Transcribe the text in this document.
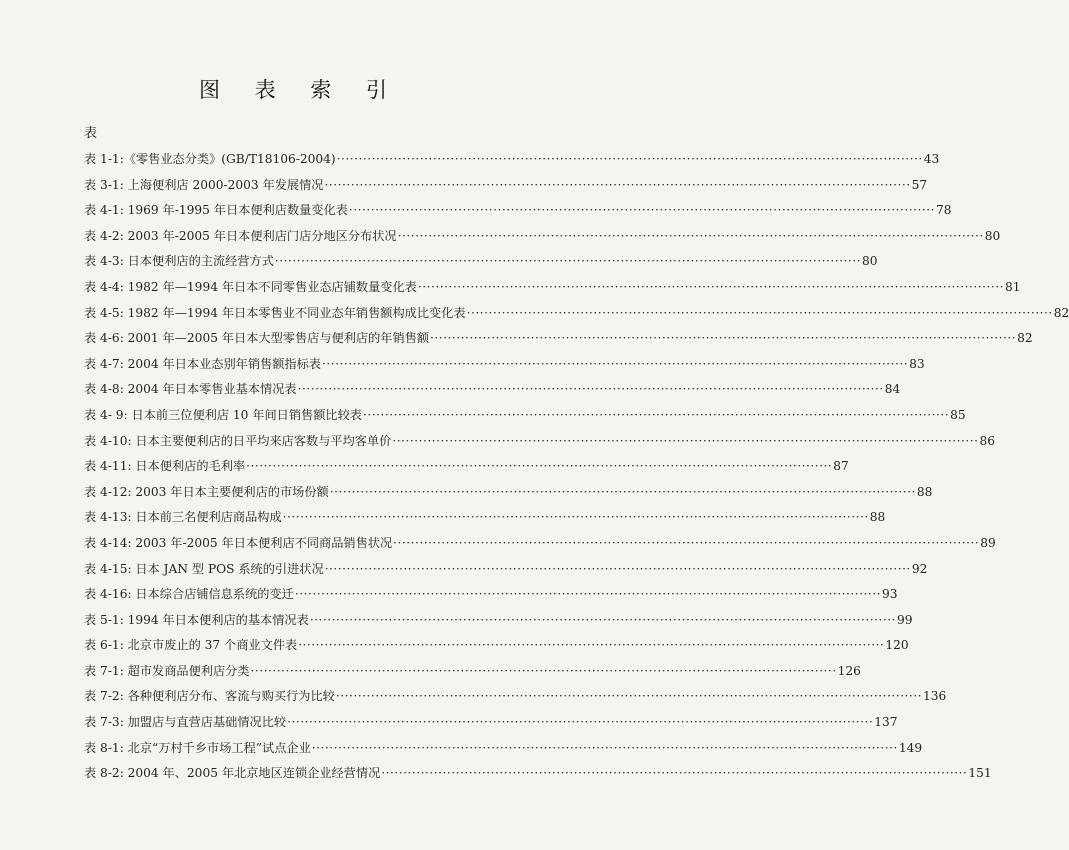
图 表 索 引
表
表 1-1:《零售业态分类》(GB/T18106-2004) ·····	43
表 3-1: 上海便利店 2000-2003 年发展情况 ·····	57
表 4-1: 1969 年-1995 年日本便利店数量变化表 ·····	78
表 4-2: 2003 年-2005 年日本便利店门店分地区分布状况 ·····	80
表 4-3: 日本便利店的主流经营方式 ·····	80
表 4-4: 1982 年—1994 年日本不同零售业态店铺数量变化表 ·····	81
表 4-5: 1982 年—1994 年日本零售业不同业态年销售额构成比变化表 ·····	82
表 4-6: 2001 年—2005 年日本大型零售店与便利店的年销售额 ·····	82
表 4-7: 2004 年日本业态别年销售额指标表 ·····	83
表 4-8: 2004 年日本零售业基本情况表 ·····	84
表 4- 9: 日本前三位便利店 10 年间日销售额比较表 ·····	85
表 4-10: 日本主要便利店的日平均来店客数与平均客单价 ·····	86
表 4-11: 日本便利店的毛利率 ·····	87
表 4-12: 2003 年日本主要便利店的市场份额 ·····	88
表 4-13: 日本前三名便利店商品构成 ·····	88
表 4-14: 2003 年-2005 年日本便利店不同商品销售状况 ·····	89
表 4-15: 日本 JAN 型 POS 系统的引进状况 ·····	92
表 4-16: 日本综合店铺信息系统的变迁 ·····	93
表 5-1: 1994 年日本便利店的基本情况表 ·····	99
表 6-1: 北京市废止的 37 个商业文件表 ·····	120
表 7-1: 超市发商品便利店分类 ·····	126
表 7-2: 各种便利店分布、客流与购买行为比较 ·····	136
表 7-3: 加盟店与直营店基础情况比较 ·····	137
表 8-1: 北京“万村千乡市场工程”试点企业 ·····	149
表 8-2: 2004 年、2005 年北京地区连锁企业经营情况 ·····	151
